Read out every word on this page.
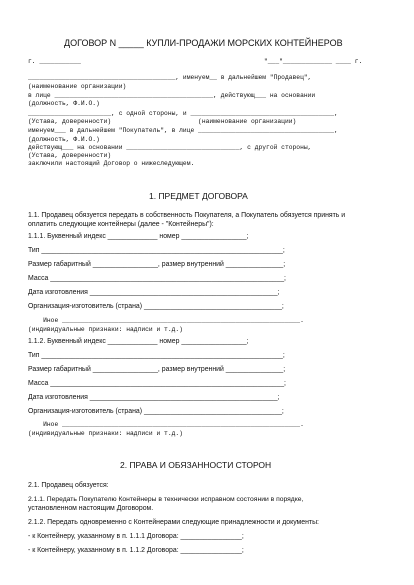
ДОГОВОР N _____ КУПЛИ-ПРОДАЖИ МОРСКИХ КОНТЕЙНЕРОВ
г. ___________	"___"_____________ ____ г.
_______________________________________, именуем__ в дальнейшем "Продавец",
(наименование организации)
в лице __________________________________________, действующ___ на основании
(должность, Ф.И.О.)
______________________, с одной стороны, и ______________________________________,
(Устава, доверенности)                       (наименование организации)
именуем___ в дальнейшем "Покупатель", в лице ____________________________________,
(должность, Ф.И.О.)
действующ___ на основании ______________________________, с другой стороны,
(Устава, доверенности)
заключили настоящий Договор о нижеследующем.
1. ПРЕДМЕТ ДОГОВОРА
1.1. Продавец обязуется передать в собственность Покупателя, а Покупатель обязуется принять и
оплатить следующие контейнеры (далее - "Контейнеры"):
1.1.1. Буквенный индекс _____________ номер _________________;
Тип _______________________________________________________________;
Размер габаритный _________________, размер внутренний _______________;
Масса _____________________________________________________________;
Дата изготовления _________________________________________________;
Организация-изготовитель (страна) ____________________________________;
Иное _______________________________________________________________.
(индивидуальные признаки: надписи и т.д.)
1.1.2. Буквенный индекс _____________ номер _________________;
Тип _______________________________________________________________;
Размер габаритный _________________, размер внутренний _______________;
Масса _____________________________________________________________;
Дата изготовления _________________________________________________;
Организация-изготовитель (страна) ____________________________________;
Иное _______________________________________________________________.
(индивидуальные признаки: надписи и т.д.)
2. ПРАВА И ОБЯЗАННОСТИ СТОРОН
2.1. Продавец обязуется:
2.1.1. Передать Покупателю Контейнеры в технически исправном состоянии в порядке,
установленном настоящим Договором.
2.1.2. Передать одновременно с Контейнерами следующие принадлежности и документы:
- к Контейнеру, указанному в п. 1.1.1 Договора: ________________;
- к Контейнеру, указанному в п. 1.1.2 Договора: ________________;
